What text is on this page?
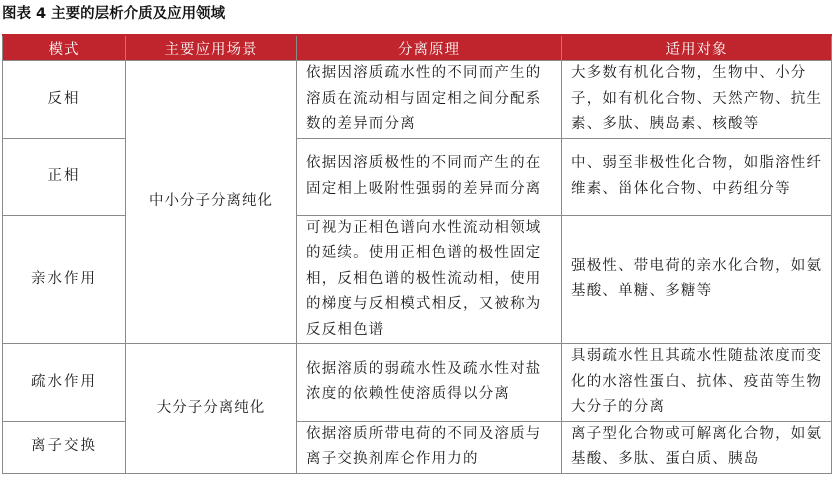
图表 4 主要的层析介质及应用领域
模式	主要应用场景	分离原理	适用对象
反相	中小分子分离纯化	依据因溶质疏水性的不同而产生的溶质在流动相与固定相之间分配系数的差异而分离	大多数有机化合物，生物中、小分子，如有机化合物、天然产物、抗生素、多肽、胰岛素、核酸等
正相		依据因溶质极性的不同而产生的在固定相上吸附性强弱的差异而分离	中、弱至非极性化合物，如脂溶性纤维素、甾体化合物、中药组分等
亲水作用		可视为正相色谱向水性流动相领域的延续。使用正相色谱的极性固定相，反相色谱的极性流动相，使用的梯度与反相模式相反，又被称为反反相色谱	强极性、带电荷的亲水化合物，如氨基酸、单糖、多糖等
疏水作用	大分子分离纯化	依据溶质的弱疏水性及疏水性对盐浓度的依赖性使溶质得以分离	具弱疏水性且其疏水性随盐浓度而变化的水溶性蛋白、抗体、疫苗等生物大分子的分离
离子交换		依据溶质所带电荷的不同及溶质与离子交换剂库仑作用力的	离子型化合物或可解离化合物，如氨基酸、多肽、蛋白质、胰岛
